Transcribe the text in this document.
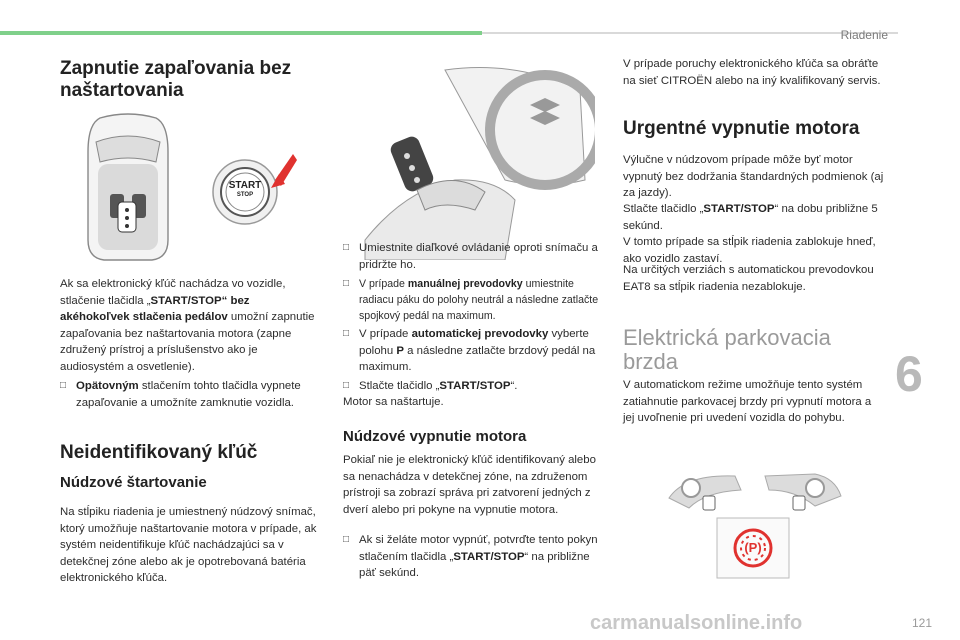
Riadenie
Zapnutie zapaľovania bez naštartovania
START
STOP
Ak sa elektronický kľúč nachádza vo vozidle, stlačenie tlačidla „START/STOP“ bez akéhokoľvek stlačenia pedálov umožní zapnutie zapaľovania bez naštartovania motora (zapne združený prístroj a príslušenstvo ako je audiosystém a osvetlenie).
□ Opätovným stlačením tohto tlačidla vypnete zapaľovanie a umožníte zamknutie vozidla.
Neidentifikovaný kľúč
Núdzové štartovanie
Na stĺpiku riadenia je umiestnený núdzový snímač, ktorý umožňuje naštartovanie motora v prípade, ak systém neidentifikuje kľúč nachádzajúci sa v detekčnej zóne alebo ak je opotrebovaná batéria elektronického kľúča.
□ Umiestnite diaľkové ovládanie oproti snímaču a pridržte ho.
□ V prípade manuálnej prevodovky umiestnite radiacu páku do polohy neutrál a následne zatlačte spojkový pedál na maximum.
□ V prípade automatickej prevodovky vyberte polohu P a následne zatlačte brzdový pedál na maximum.
□ Stlačte tlačidlo „START/STOP“.
Motor sa naštartuje.
Núdzové vypnutie motora
Pokiaľ nie je elektronický kľúč identifikovaný alebo sa nenachádza v detekčnej zóne, na združenom prístroji sa zobrazí správa pri zatvorení jedných z dverí alebo pri pokyne na vypnutie motora.
□ Ak si želáte motor vypnúť, potvrďte tento pokyn stlačením tlačidla „START/STOP“ na približne päť sekúnd.
V prípade poruchy elektronického kľúča sa obráťte na sieť CITROËN alebo na iný kvalifikovaný servis.
Urgentné vypnutie motora
Výlučne v núdzovom prípade môže byť motor vypnutý bez dodržania štandardných podmienok (aj za jazdy).
Stlačte tlačidlo „START/STOP“ na dobu približne 5 sekúnd.
V tomto prípade sa stĺpik riadenia zablokuje hneď, ako vozidlo zastaví.
Na určitých verziách s automatickou prevodovkou EAT8 sa stĺpik riadenia nezablokuje.
Elektrická parkovacia brzda
V automatickom režime umožňuje tento systém zatiahnutie parkovacej brzdy pri vypnutí motora a jej uvoľnenie pri uvedení vozidla do pohybu.
(P)
6
121
carmanualsonline.info
